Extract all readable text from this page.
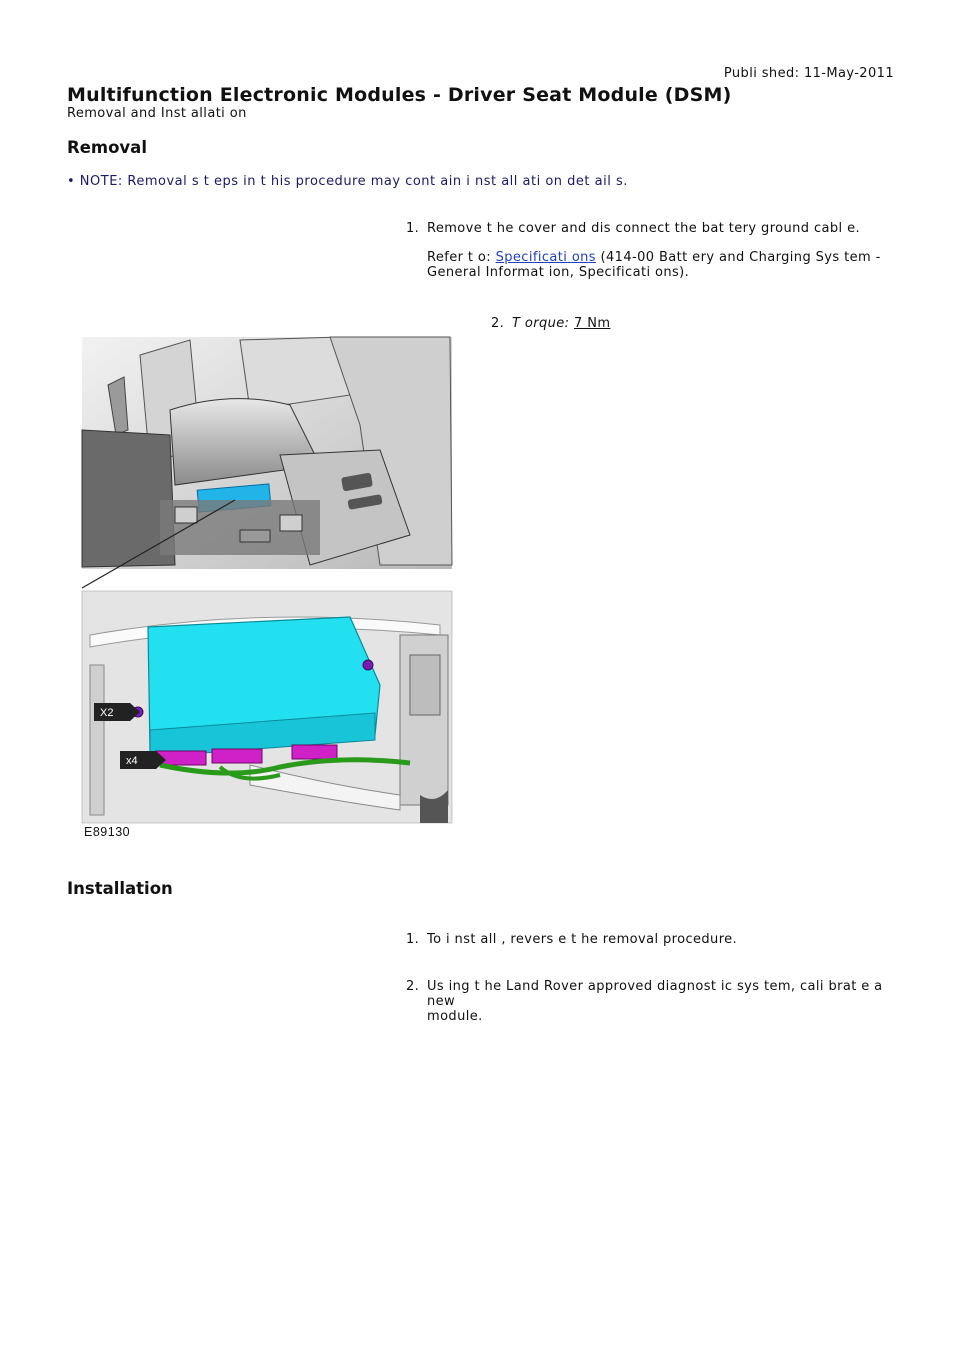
Publi shed: 11-May-2011
Multifunction Electronic Modules - Driver Seat Module (DSM)
Removal and Inst allati on
Removal
• NOTE: Removal s t eps in t his procedure may cont ain i nst all ati on det ail s.
1. Remove t he cover and dis connect the bat tery ground cabl e.
Refer t o: Specificati ons (414-00 Batt ery and Charging Sys tem -
General Informat ion, Specificati ons).
2. T orque: 7 Nm
X2
x4
E89130
Installation
1. To i nst all , revers e t he removal procedure.
2. Us ing t he Land Rover approved diagnost ic sys tem, cali brat e a new
module.
